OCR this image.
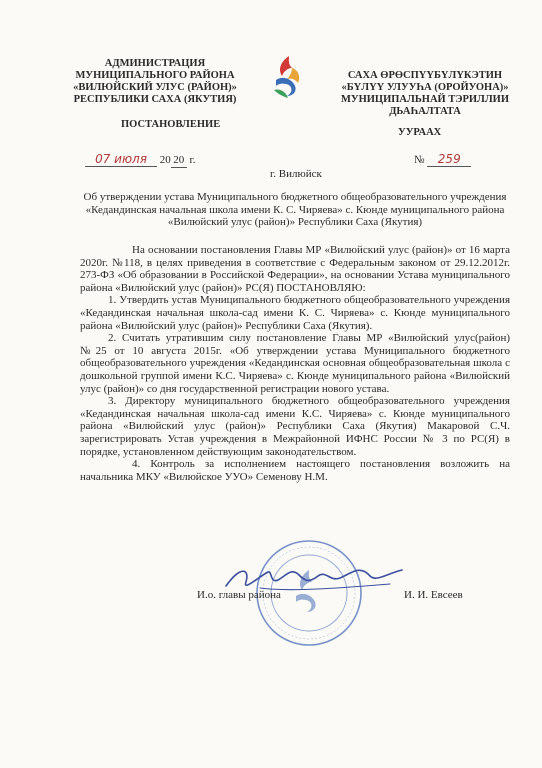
АДМИНИСТРАЦИЯ
МУНИЦИПАЛЬНОГО РАЙОНА
«ВИЛЮЙСКИЙ УЛУС (РАЙОН)»
РЕСПУБЛИКИ САХА (ЯКУТИЯ)
ПОСТАНОВЛЕНИЕ
САХА ӨРӨСПҮҮБҮЛҮКЭТИН
«БҮЛҮҮ УЛУУҺА (ОРОЙУОНА)»
МУНИЦИПАЛЬНАЙ ТЭРИЛЛИИ
ДЬАҺАЛТАТА
УУРААХ
07 июля 20 20 г.	№ 259
г. Вилюйск
Об утверждении устава Муниципального бюджетного общеобразовательного учреждения
«Кедандинская начальная школа имени К. С. Чиряева» с. Кюнде муниципального района
«Вилюйский улус (район)» Республики Саха (Якутия)

На основании постановления Главы МР «Вилюйский улус (район)» от 16 марта 2020г. №118, в целях приведения в соответствие с Федеральным законом от 29.12.2012г. 273-ФЗ «Об образовании в Российской Федерации», на основании Устава муниципального района «Вилюйский улус (район)» РС(Я) ПОСТАНОВЛЯЮ:

1. Утвердить устав Муниципального бюджетного общеобразовательного учреждения «Кедандинская начальная школа-сад имени К. С. Чиряева» с. Кюнде муниципального района «Вилюйский улус (район)» Республики Саха (Якутия).

2. Считать утратившим силу постановление Главы МР «Вилюйский улус(район) №25 от 10 августа 2015г. «Об утверждении устава Муниципального бюджетного общеобразовательного учреждения «Кедандинская основная общеобразовательная школа с дошкольной группой имени К.С. Чиряева» с. Кюнде муниципального района «Вилюйский улус (район)» со дня государственной регистрации нового устава.

3. Директору муниципального бюджетного общеобразовательного учреждения «Кедандинская начальная школа-сад имени К.С. Чиряева» с. Кюнде муниципального района «Вилюйский улус (район)» Республики Саха (Якутия) Макаровой С.Ч. зарегистрировать Устав учреждения в Межрайонной ИФНС России № 3 по РС(Я) в порядке, установленном действующим законодательством.

4. Контроль за исполнением настоящего постановления возложить на начальника МКУ «Вилюйское УУО» Семенову Н.М.

И.о. главы района	И. И. Евсеев
